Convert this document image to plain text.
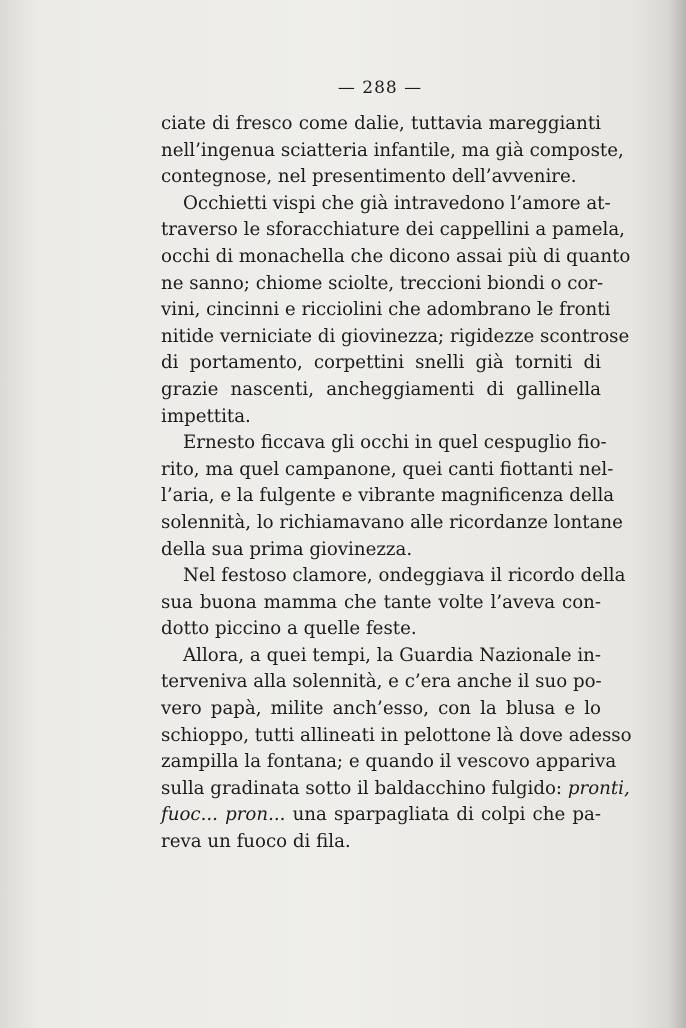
— 288 —
ciate di fresco come dalie, tuttavia mareggianti
nell’ingenua sciatteria infantile, ma già composte,
contegnose, nel presentimento dell’avvenire.
Occhietti vispi che già intravedono l’amore at-
traverso le sforacchiature dei cappellini a pamela,
occhi di monachella che dicono assai più di quanto
ne sanno; chiome sciolte, treccioni biondi o cor-
vini, cincinni e ricciolini che adombrano le fronti
nitide verniciate di giovinezza; rigidezze scontrose
di portamento, corpettini snelli già torniti di
grazie nascenti, ancheggiamenti di gallinella
impettita.
Ernesto ficcava gli occhi in quel cespuglio fio-
rito, ma quel campanone, quei canti fiottanti nel-
l’aria, e la fulgente e vibrante magnificenza della
solennità, lo richiamavano alle ricordanze lontane
della sua prima giovinezza.
Nel festoso clamore, ondeggiava il ricordo della
sua buona mamma che tante volte l’aveva con-
dotto piccino a quelle feste.
Allora, a quei tempi, la Guardia Nazionale in-
terveniva alla solennità, e c’era anche il suo po-
vero papà, milite anch’esso, con la blusa e lo
schioppo, tutti allineati in pelottone là dove adesso
zampilla la fontana; e quando il vescovo appariva
sulla gradinata sotto il baldacchino fulgido: pronti,
fuoc... pron... una sparpagliata di colpi che pa-
reva un fuoco di fila.
